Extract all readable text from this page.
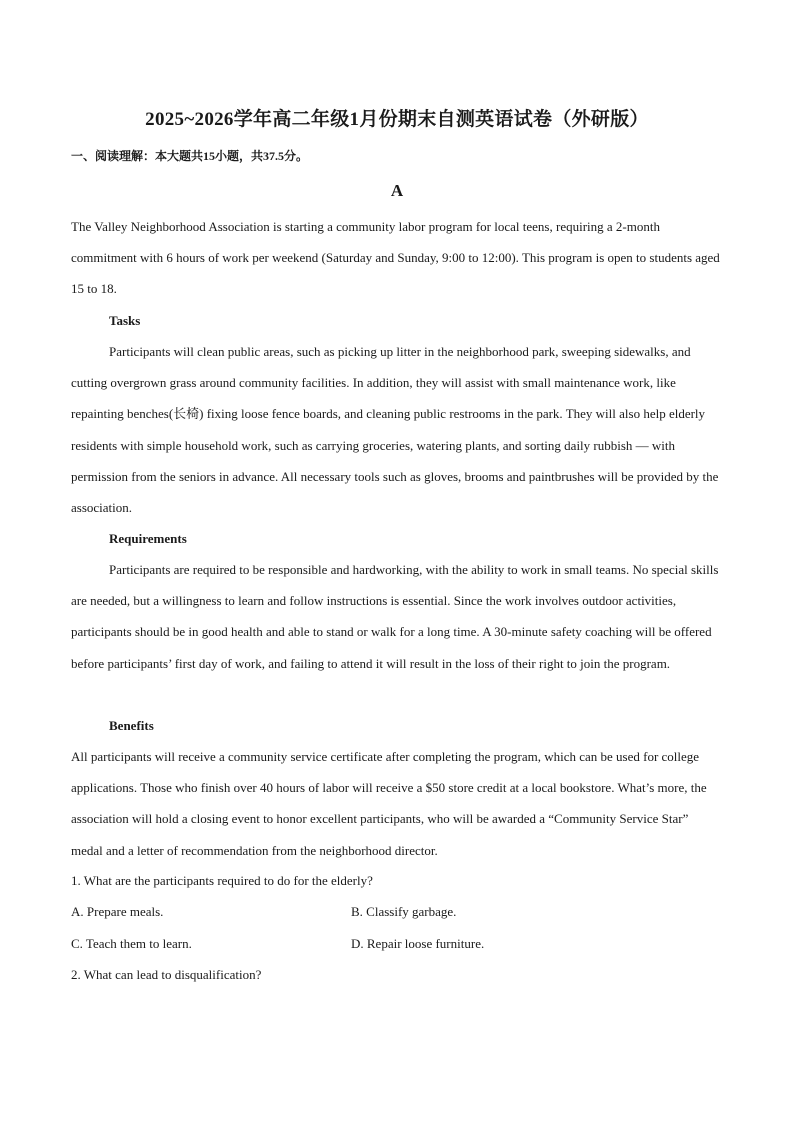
2025~2026学年高二年级1月份期末自测英语试卷（外研版）
一、阅读理解：本大题共15小题，共37.5分。
A
The Valley Neighborhood Association is starting a community labor program for local teens, requiring a 2-month commitment with 6 hours of work per weekend (Saturday and Sunday, 9:00 to 12:00). This program is open to students aged 15 to 18.
Tasks
Participants will clean public areas, such as picking up litter in the neighborhood park, sweeping sidewalks, and cutting overgrown grass around community facilities. In addition, they will assist with small maintenance work, like repainting benches(长椅) fixing loose fence boards, and cleaning public restrooms in the park. They will also help elderly residents with simple household work, such as carrying groceries, watering plants, and sorting daily rubbish — with permission from the seniors in advance. All necessary tools such as gloves, brooms and paintbrushes will be provided by the association.
Requirements
Participants are required to be responsible and hardworking, with the ability to work in small teams. No special skills are needed, but a willingness to learn and follow instructions is essential. Since the work involves outdoor activities, participants should be in good health and able to stand or walk for a long time. A 30-minute safety coaching will be offered before participants’ first day of work, and failing to attend it will result in the loss of their right to join the program.
Benefits
All participants will receive a community service certificate after completing the program, which can be used for college applications. Those who finish over 40 hours of labor will receive a $50 store credit at a local bookstore. What’s more, the association will hold a closing event to honor excellent participants, who will be awarded a “Community Service Star” medal and a letter of recommendation from the neighborhood director.
1. What are the participants required to do for the elderly?
A. Prepare meals.	B. Classify garbage.
C. Teach them to learn.	D. Repair loose furniture.
2. What can lead to disqualification?
